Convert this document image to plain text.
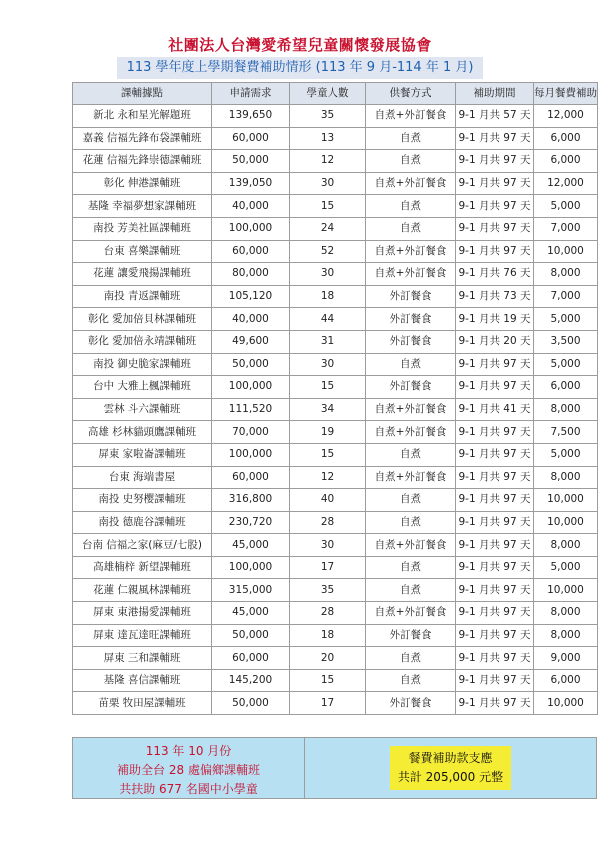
社團法人台灣愛希望兒童關懷發展協會
113 學年度上學期餐費補助情形 (113 年 9 月-114 年 1 月)
課輔據點	申請需求	學童人數	供餐方式	補助期間	每月餐費補助
新北 永和星光解題班	139,650	35	自煮+外訂餐食	9-1 月共 57 天	12,000
嘉義 信福先鋒布袋課輔班	60,000	13	自煮	9-1 月共 97 天	6,000
花蓮 信福先鋒崇德課輔班	50,000	12	自煮	9-1 月共 97 天	6,000
彰化 伸港課輔班	139,050	30	自煮+外訂餐食	9-1 月共 97 天	12,000
基隆 幸福夢想家課輔班	40,000	15	自煮	9-1 月共 97 天	5,000
南投 芳美社區課輔班	100,000	24	自煮	9-1 月共 97 天	7,000
台東 喜樂課輔班	60,000	52	自煮+外訂餐食	9-1 月共 97 天	10,000
花蓮 讓愛飛揚課輔班	80,000	30	自煮+外訂餐食	9-1 月共 76 天	8,000
南投 青返課輔班	105,120	18	外訂餐食	9-1 月共 73 天	7,000
彰化 愛加倍貝林課輔班	40,000	44	外訂餐食	9-1 月共 19 天	5,000
彰化 愛加倍永靖課輔班	49,600	31	外訂餐食	9-1 月共 20 天	3,500
南投 御史脆家課輔班	50,000	30	自煮	9-1 月共 97 天	5,000
台中 大雅上楓課輔班	100,000	15	外訂餐食	9-1 月共 97 天	6,000
雲林 斗六課輔班	111,520	34	自煮+外訂餐食	9-1 月共 41 天	8,000
高雄 杉林貓頭鷹課輔班	70,000	19	自煮+外訂餐食	9-1 月共 97 天	7,500
屏東 家啦崙課輔班	100,000	15	自煮	9-1 月共 97 天	5,000
台東 海端書屋	60,000	12	自煮+外訂餐食	9-1 月共 97 天	8,000
南投 史努樱課輔班	316,800	40	自煮	9-1 月共 97 天	10,000
南投 德鹿谷課輔班	230,720	28	自煮	9-1 月共 97 天	10,000
台南 信福之家(麻豆/七股)	45,000	30	自煮+外訂餐食	9-1 月共 97 天	8,000
高雄楠梓 新望課輔班	100,000	17	自煮	9-1 月共 97 天	5,000
花蓮 仁親風林課輔班	315,000	35	自煮	9-1 月共 97 天	10,000
屏東 東港揚愛課輔班	45,000	28	自煮+外訂餐食	9-1 月共 97 天	8,000
屏東 達瓦達旺課輔班	50,000	18	外訂餐食	9-1 月共 97 天	8,000
屏東 三和課輔班	60,000	20	自煮	9-1 月共 97 天	9,000
基隆 喜信課輔班	145,200	15	自煮	9-1 月共 97 天	6,000
苗栗 牧田屋課輔班	50,000	17	外訂餐食	9-1 月共 97 天	10,000
113 年 10 月份
補助全台 28 處偏鄉課輔班
共扶助 677 名國中小學童
餐費補助款支應
共計 205,000 元整
